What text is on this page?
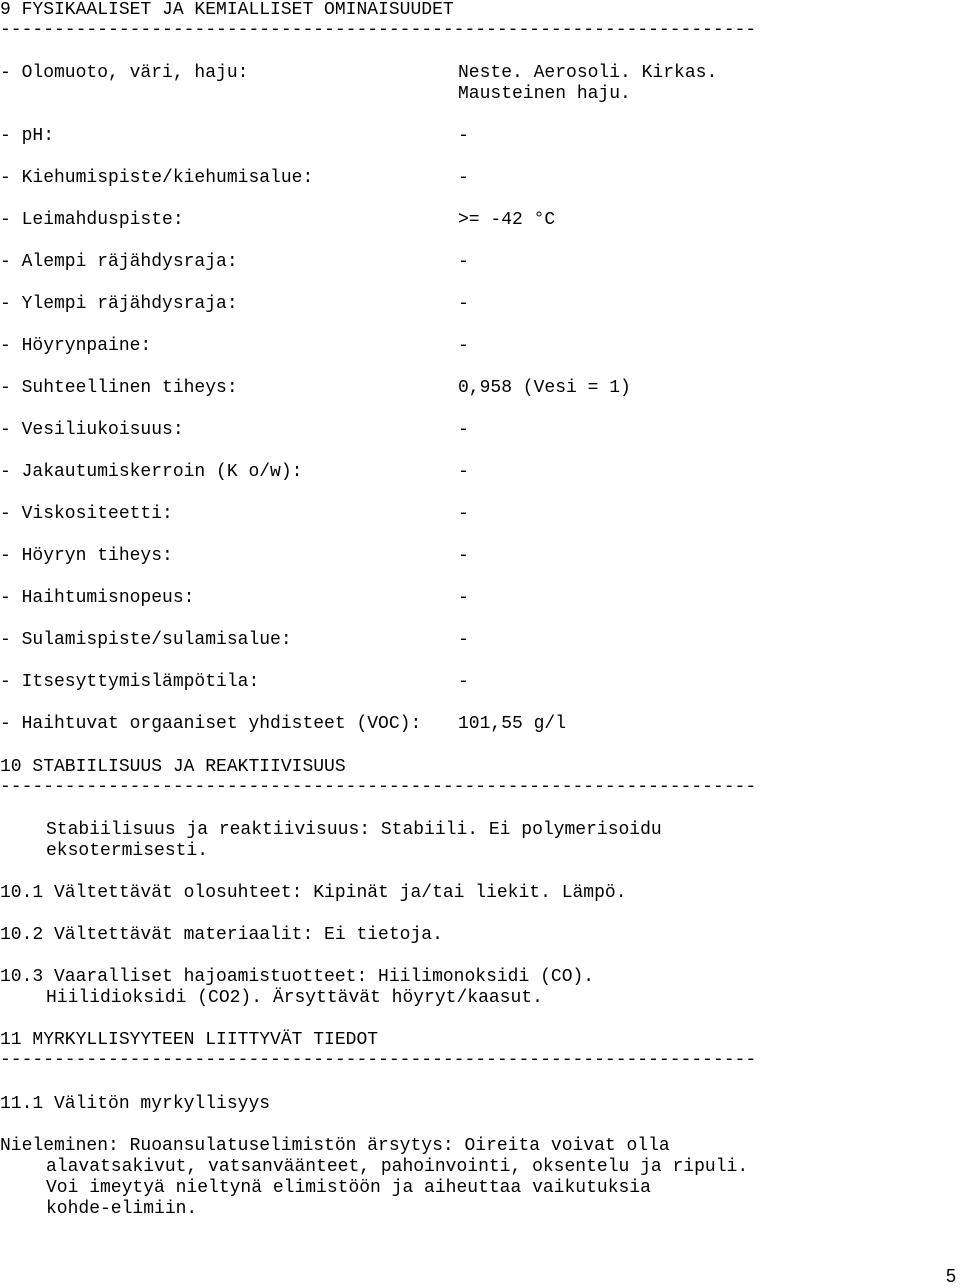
9 FYSIKAALISET JA KEMIALLISET OMINAISUUDET
----------------------------------------------------------------------
- Olomuoto, väri, haju:	Neste. Aerosoli. Kirkas.
Mausteinen haju.
- pH:	-
- Kiehumispiste/kiehumisalue:	-
- Leimahduspiste:	>= -42 °C
- Alempi räjähdysraja:	-
- Ylempi räjähdysraja:	-
- Höyrynpaine:	-
- Suhteellinen tiheys:	0,958 (Vesi = 1)
- Vesiliukoisuus:	-
- Jakautumiskerroin (K o/w):	-
- Viskositeetti:	-
- Höyryn tiheys:	-
- Haihtumisnopeus:	-
- Sulamispiste/sulamisalue:	-
- Itsesyttymislämpötila:	-
- Haihtuvat orgaaniset yhdisteet (VOC): 101,55 g/l
10 STABIILISUUS JA REAKTIIVISUUS
----------------------------------------------------------------------
Stabiilisuus ja reaktiivisuus: Stabiili. Ei polymerisoidu
eksotermisesti.
10.1 Vältettävät olosuhteet: Kipinät ja/tai liekit. Lämpö.
10.2 Vältettävät materiaalit: Ei tietoja.
10.3 Vaaralliset hajoamistuotteet: Hiilimonoksidi (CO).
Hiilidioksidi (CO2). Ärsyttävät höyryt/kaasut.
11 MYRKYLLISYYTEEN LIITTYVÄT TIEDOT
----------------------------------------------------------------------
11.1 Välitön myrkyllisyys
Nieleminen: Ruoansulatuselimistön ärsytys: Oireita voivat olla
alavatsakivut, vatsanväänteet, pahoinvointi, oksentelu ja ripuli.
Voi imeytyä nieltynä elimistöön ja aiheuttaa vaikutuksia
kohde-elimiin.
5
